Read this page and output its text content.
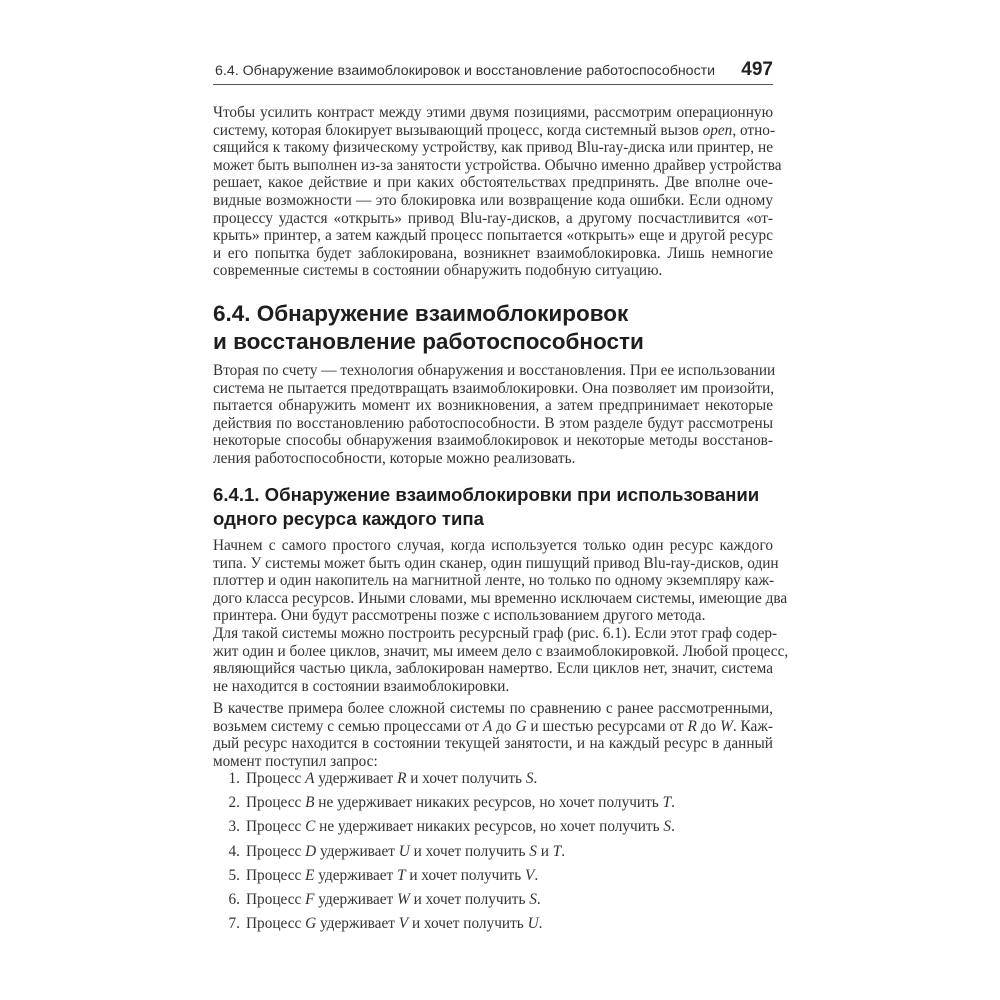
6.4. Обнаружение взаимоблокировок и восстановление работоспособности 497
Чтобы усилить контраст между этими двумя позициями, рассмотрим операционную
систему, которая блокирует вызывающий процесс, когда системный вызов open, отно-
сящийся к такому физическому устройству, как привод Blu-ray-диска или принтер, не
может быть выполнен из-за занятости устройства. Обычно именно драйвер устройства
решает, какое действие и при каких обстоятельствах предпринять. Две вполне оче-
видные возможности — это блокировка или возвращение кода ошибки. Если одному
процессу удастся «открыть» привод Blu-ray-дисков, а другому посчастливится «от-
крыть» принтер, а затем каждый процесс попытается «открыть» еще и другой ресурс
и его попытка будет заблокирована, возникнет взаимоблокировка. Лишь немногие
современные системы в состоянии обнаружить подобную ситуацию.
6.4. Обнаружение взаимоблокировок
и восстановление работоспособности
Вторая по счету — технология обнаружения и восстановления. При ее использовании
система не пытается предотвращать взаимоблокировки. Она позволяет им произойти,
пытается обнаружить момент их возникновения, а затем предпринимает некоторые
действия по восстановлению работоспособности. В этом разделе будут рассмотрены
некоторые способы обнаружения взаимоблокировок и некоторые методы восстанов-
ления работоспособности, которые можно реализовать.
6.4.1. Обнаружение взаимоблокировки при использовании
одного ресурса каждого типа
Начнем с самого простого случая, когда используется только один ресурс каждого
типа. У системы может быть один сканер, один пишущий привод Blu-ray-дисков, один
плоттер и один накопитель на магнитной ленте, но только по одному экземпляру каж-
дого класса ресурсов. Иными словами, мы временно исключаем системы, имеющие два
принтера. Они будут рассмотрены позже с использованием другого метода.
Для такой системы можно построить ресурсный граф (рис. 6.1). Если этот граф содер-
жит один и более циклов, значит, мы имеем дело с взаимоблокировкой. Любой процесс,
являющийся частью цикла, заблокирован намертво. Если циклов нет, значит, система
не находится в состоянии взаимоблокировки.
В качестве примера более сложной системы по сравнению с ранее рассмотренными,
возьмем систему с семью процессами от A до G и шестью ресурсами от R до W. Каж-
дый ресурс находится в состоянии текущей занятости, и на каждый ресурс в данный
момент поступил запрос:
1. Процесс A удерживает R и хочет получить S.
2. Процесс B не удерживает никаких ресурсов, но хочет получить T.
3. Процесс C не удерживает никаких ресурсов, но хочет получить S.
4. Процесс D удерживает U и хочет получить S и T.
5. Процесс E удерживает T и хочет получить V.
6. Процесс F удерживает W и хочет получить S.
7. Процесс G удерживает V и хочет получить U.
